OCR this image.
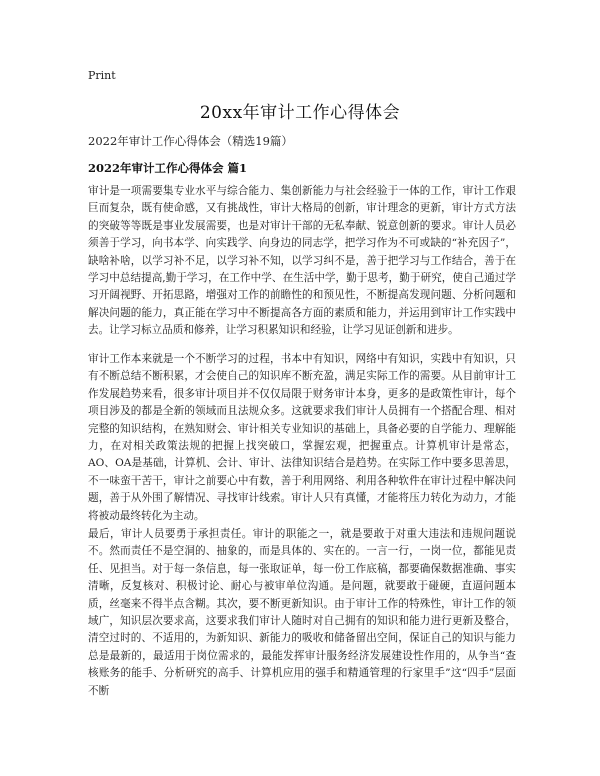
Print
20xx年审计工作心得体会
2022年审计工作心得体会（精选19篇）
2022年审计工作心得体会 篇1

审计是一项需要集专业水平与综合能力、集创新能力与社会经验于一体的工作，审计工作艰巨而复杂，既有使命感，又有挑战性，审计大格局的创新，审计理念的更新，审计方式方法的突破等等既是事业发展需要，也是对审计干部的无私奉献、锐意创新的要求。审计人员必须善于学习，向书本学、向实践学、向身边的同志学，把学习作为不可或缺的“补充因子”，缺啥补啥，以学习补不足，以学习补不知，以学习纠不是，善于把学习与工作结合，善于在学习中总结提高,勤于学习，在工作中学、在生活中学，勤于思考，勤于研究，使自己通过学习开阔视野、开拓思路，增强对工作的前瞻性的和预见性，不断提高发现问题、分析问题和解决问题的能力，真正能在学习中不断提高各方面的素质和能力，并运用到审计工作实践中去。让学习标立品质和修养，让学习积累知识和经验，让学习见证创新和进步。

审计工作本来就是一个不断学习的过程，书本中有知识，网络中有知识，实践中有知识，只有不断总结不断积累，才会使自己的知识库不断充盈，满足实际工作的需要。从目前审计工作发展趋势来看，很多审计项目并不仅仅局限于财务审计本身，更多的是政策性审计，每个项目涉及的都是全新的领域而且法规众多。这就要求我们审计人员拥有一个搭配合理、相对完整的知识结构，在熟知财会、审计相关专业知识的基础上，具备必要的自学能力、理解能力，在对相关政策法规的把握上找突破口，掌握宏观，把握重点。计算机审计是常态，AO、OA是基础，计算机、会计、审计、法律知识结合是趋势。在实际工作中要多思善思，不一味蛮干苦干，审计之前要心中有数，善于利用网络、利用各种软件在审计过程中解决问题，善于从外围了解情况、寻找审计线索。审计人只有真懂，才能将压力转化为动力，才能将被动最终转化为主动。

最后，审计人员要勇于承担责任。审计的职能之一，就是要敢于对重大违法和违规问题说不。然而责任不是空洞的、抽象的，而是具体的、实在的。一言一行，一岗一位，都能见责任、见担当。对于每一条信息，每一张取证单，每一份工作底稿，都要确保数据准确、事实清晰，反复核对、积极讨论、耐心与被审单位沟通。是问题，就要敢于碰硬，直逼问题本质，丝毫来不得半点含糊。其次，要不断更新知识。由于审计工作的特殊性，审计工作的领域广，知识层次要求高，这要求我们审计人随时对自己拥有的知识和能力进行更新及整合，清空过时的、不适用的，为新知识、新能力的吸收和储备留出空间，保证自己的知识与能力总是最新的，最适用于岗位需求的，最能发挥审计服务经济发展建设性作用的，从争当“查核账务的能手、分析研究的高手、计算机应用的强手和精通管理的行家里手”这“四手”层面不断
